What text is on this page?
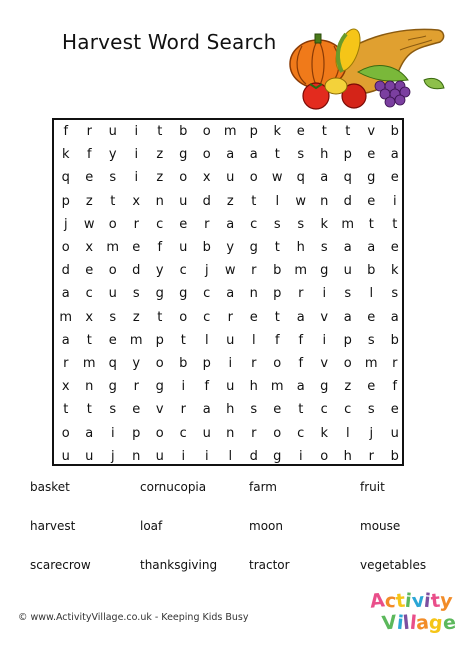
Harvest Word Search
f	r	u	i	t	b	o	m	p	k	e	t	t	v	b
k	f	y	i	z	g	o	a	a	t	s	h	p	e	a
q	e	s	i	z	o	x	u	o	w	q	a	q	g	e
p	z	t	x	n	u	d	z	t	l	w	n	d	e	i
j	w	o	r	c	e	r	a	c	s	s	k	m	t	t
o	x	m	e	f	u	b	y	g	t	h	s	a	a	e
d	e	o	d	y	c	j	w	r	b	m	g	u	b	k
a	c	u	s	g	g	c	a	n	p	r	i	s	l	s
m	x	s	z	t	o	c	r	e	t	a	v	a	e	a
a	t	e	m	p	t	l	u	l	f	f	i	p	s	b
r	m	q	y	o	b	p	i	r	o	f	v	o	m	r
x	n	g	r	g	i	f	u	h	m	a	g	z	e	f
t	t	s	e	v	r	a	h	s	e	t	c	c	s	e
o	a	i	p	o	c	u	n	r	o	c	k	l	j	u
u	u	j	n	u	i	i	l	d	g	i	o	h	r	b
basket	cornucopia	farm	fruit
harvest	loaf	moon	mouse
scarecrow	thanksgiving	tractor	vegetables
© www.ActivityVillage.co.uk - Keeping Kids Busy
Activity
Village
